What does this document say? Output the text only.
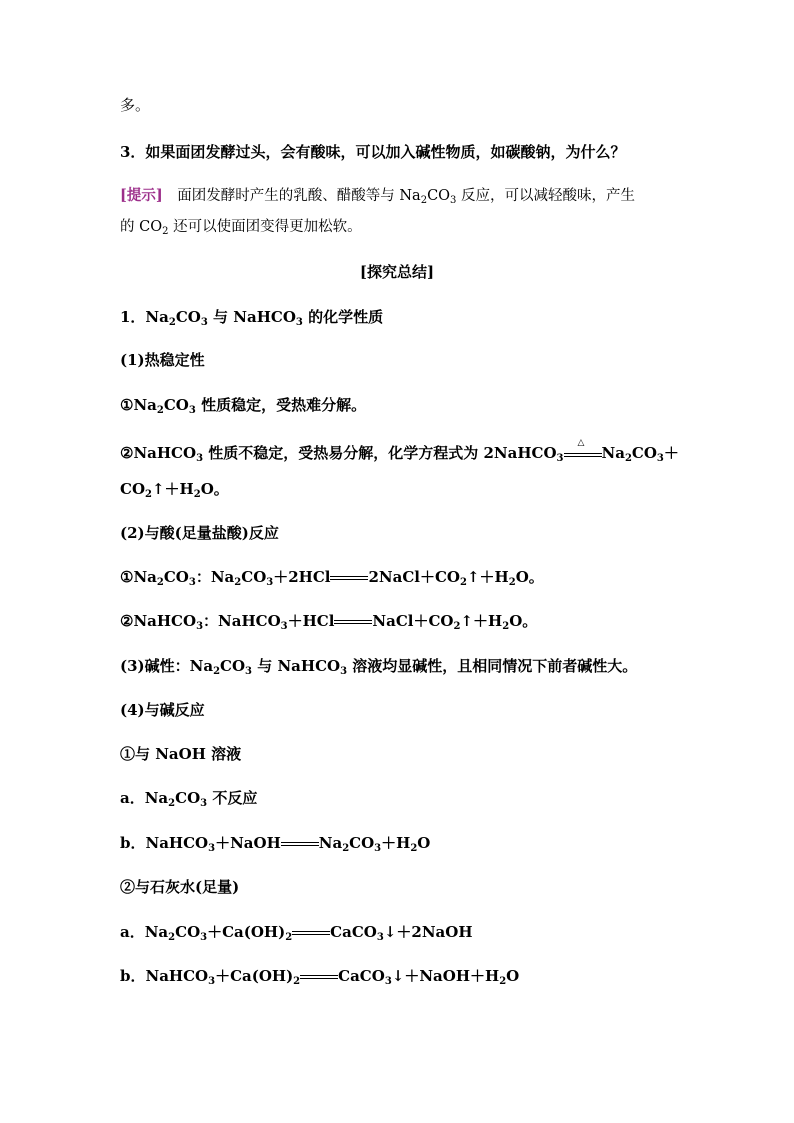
多。
3．如果面团发酵过头，会有酸味，可以加入碱性物质，如碳酸钠，为什么？
[提示]　面团发酵时产生的乳酸、醋酸等与 $Na_2CO_3$ 反应，可以减轻酸味，产生
的 $CO_2$ 还可以使面团变得更加松软。
[探究总结]
1．$Na_2CO_3$ 与 NaHCO$_3$ 的化学性质
(1)热稳定性
$①Na_2CO_3$ 性质稳定，受热难分解。
②NaHCO$_3$ 性质不稳定，受热易分解，化学方程式为 2NaHCO$_3$
△
$Na_2CO_3+$
$CO_2↑+H_2O$。
(2)与酸(足量盐酸)反应
$①Na_2CO_3$：$Na_2CO_3+2HCl$	$2NaCl+CO_2↑+H_2O$。
②NaHCO$_3$：NaHCO$_3$＋HCl	$NaCl+CO_2↑+H_2O$。
(3)碱性：$Na_2CO_3$ 与 NaHCO$_3$ 溶液均显碱性，且相同情况下前者碱性大。
(4)与碱反应
①与 NaOH 溶液
a．$Na_2CO_3$ 不反应
b．NaHCO$_3$＋NaOH	$Na_2CO_3+H_2O$
②与石灰水(足量)
a．$Na_2CO_3+Ca(OH)_2$	CaCO$_3$↓＋2NaOH
b．$NaHCO_3+Ca(OH)_2$	$CaCO_3↓+NaOH+H_2O$
